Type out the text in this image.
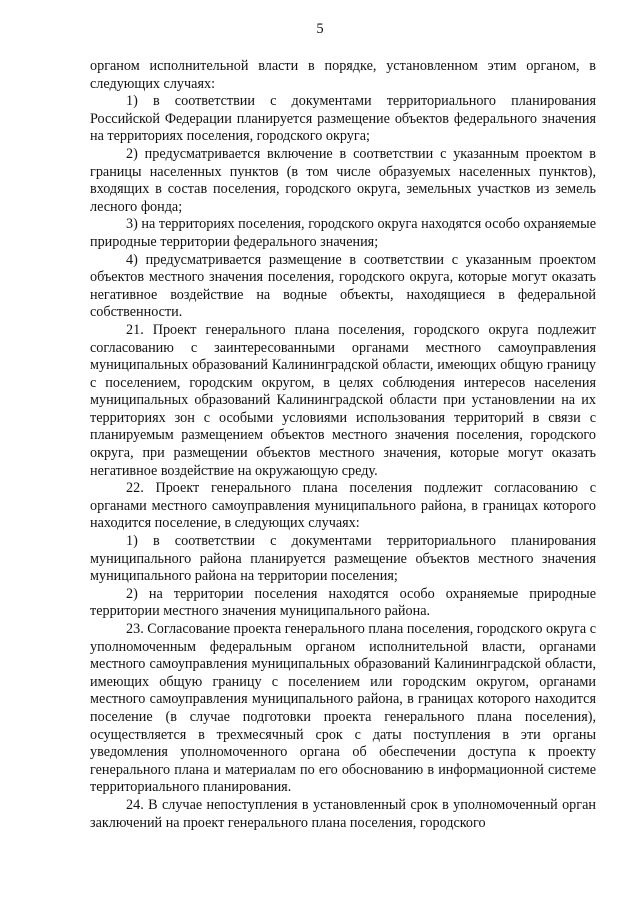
5

органом исполнительной власти в порядке, установленном этим органом, в следующих случаях:

1) в соответствии с документами территориального планирования Российской Федерации планируется размещение объектов федерального значения на территориях поселения, городского округа;

2) предусматривается включение в соответствии с указанным проектом в границы населенных пунктов (в том числе образуемых населенных пунктов), входящих в состав поселения, городского округа, земельных участков из земель лесного фонда;

3) на территориях поселения, городского округа находятся особо охраняемые природные территории федерального значения;

4) предусматривается размещение в соответствии с указанным проектом объектов местного значения поселения, городского округа, которые могут оказать негативное воздействие на водные объекты, находящиеся в федеральной собственности.

21. Проект генерального плана поселения, городского округа подлежит согласованию с заинтересованными органами местного самоуправления муниципальных образований Калининградской области, имеющих общую границу с поселением, городским округом, в целях соблюдения интересов населения муниципальных образований Калининградской области при установлении на их территориях зон с особыми условиями использования территорий в связи с планируемым размещением объектов местного значения поселения, городского округа, при размещении объектов местного значения, которые могут оказать негативное воздействие на окружающую среду.

22. Проект генерального плана поселения подлежит согласованию с органами местного самоуправления муниципального района, в границах которого находится поселение, в следующих случаях:

1) в соответствии с документами территориального планирования муниципального района планируется размещение объектов местного значения муниципального района на территории поселения;

2) на территории поселения находятся особо охраняемые природные территории местного значения муниципального района.

23. Согласование проекта генерального плана поселения, городского округа с уполномоченным федеральным органом исполнительной власти, органами местного самоуправления муниципальных образований Калининградской области, имеющих общую границу с поселением или городским округом, органами местного самоуправления муниципального района, в границах которого находится поселение (в случае подготовки проекта генерального плана поселения), осуществляется в трехмесячный срок с даты поступления в эти органы уведомления уполномоченного органа об обеспечении доступа к проекту генерального плана и материалам по его обоснованию в информационной системе территориального планирования.

24. В случае непоступления в установленный срок в уполномоченный орган заключений на проект генерального плана поселения, городского
